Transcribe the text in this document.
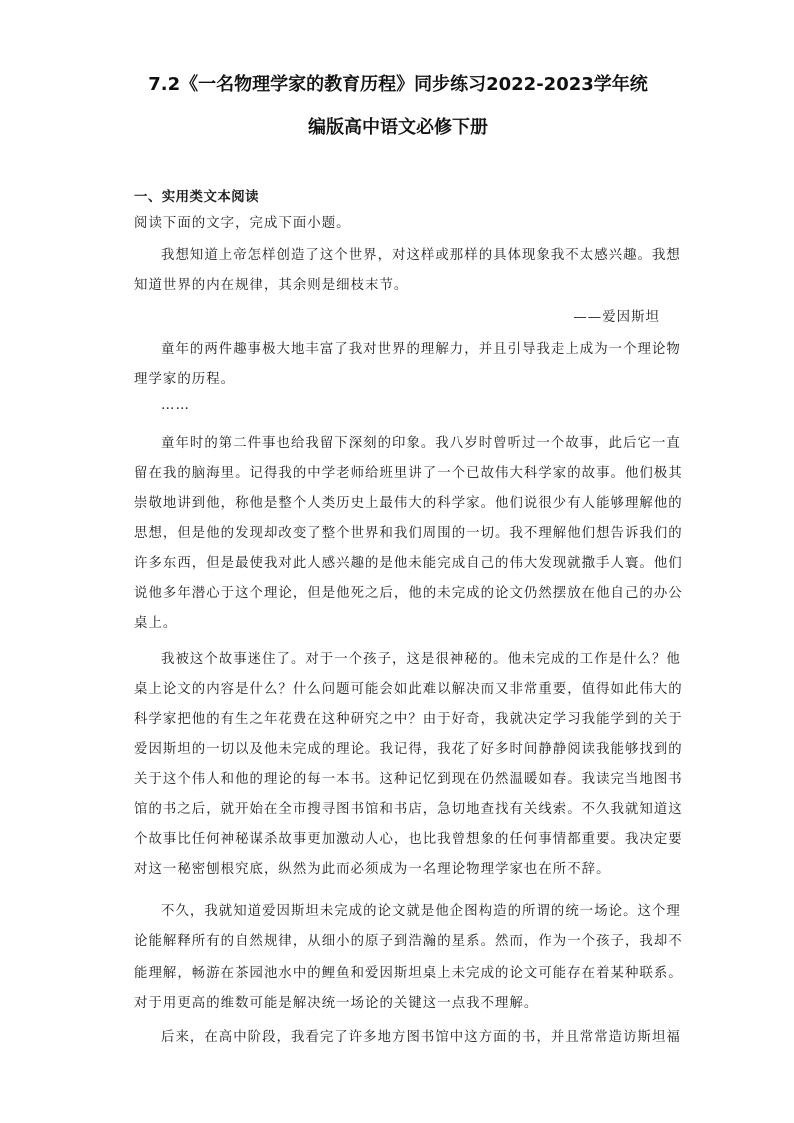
7.2《一名物理学家的教育历程》同步练习2022-2023学年统
编版高中语文必修下册
一、实用类文本阅读
阅读下面的文字，完成下面小题。
我想知道上帝怎样创造了这个世界，对这样或那样的具体现象我不太感兴趣。我想
知道世界的内在规律，其余则是细枝末节。
——爱因斯坦
童年的两件趣事极大地丰富了我对世界的理解力，并且引导我走上成为一个理论物
理学家的历程。
……
童年时的第二件事也给我留下深刻的印象。我八岁时曾听过一个故事，此后它一直
留在我的脑海里。记得我的中学老师给班里讲了一个已故伟大科学家的故事。他们极其
崇敬地讲到他，称他是整个人类历史上最伟大的科学家。他们说很少有人能够理解他的
思想，但是他的发现却改变了整个世界和我们周围的一切。我不理解他们想告诉我们的
许多东西，但是最使我对此人感兴趣的是他未能完成自己的伟大发现就撒手人寰。他们
说他多年潜心于这个理论，但是他死之后，他的未完成的论文仍然摆放在他自己的办公
桌上。
我被这个故事迷住了。对于一个孩子，这是很神秘的。他未完成的工作是什么？他
桌上论文的内容是什么？什么问题可能会如此难以解决而又非常重要，值得如此伟大的
科学家把他的有生之年花费在这种研究之中？由于好奇，我就决定学习我能学到的关于
爱因斯坦的一切以及他未完成的理论。我记得，我花了好多时间静静阅读我能够找到的
关于这个伟人和他的理论的每一本书。这种记忆到现在仍然温暖如春。我读完当地图书
馆的书之后，就开始在全市搜寻图书馆和书店，急切地查找有关线索。不久我就知道这
个故事比任何神秘谋杀故事更加激动人心，也比我曾想象的任何事情都重要。我决定要
对这一秘密刨根究底，纵然为此而必须成为一名理论物理学家也在所不辞。
不久，我就知道爱因斯坦未完成的论文就是他企图构造的所谓的统一场论。这个理
论能解释所有的自然规律，从细小的原子到浩瀚的星系。然而，作为一个孩子，我却不
能理解，畅游在茶园池水中的鲤鱼和爱因斯坦桌上未完成的论文可能存在着某种联系。
对于用更高的维数可能是解决统一场论的关键这一点我不理解。
后来，在高中阶段，我看完了许多地方图书馆中这方面的书，并且常常造访斯坦福
